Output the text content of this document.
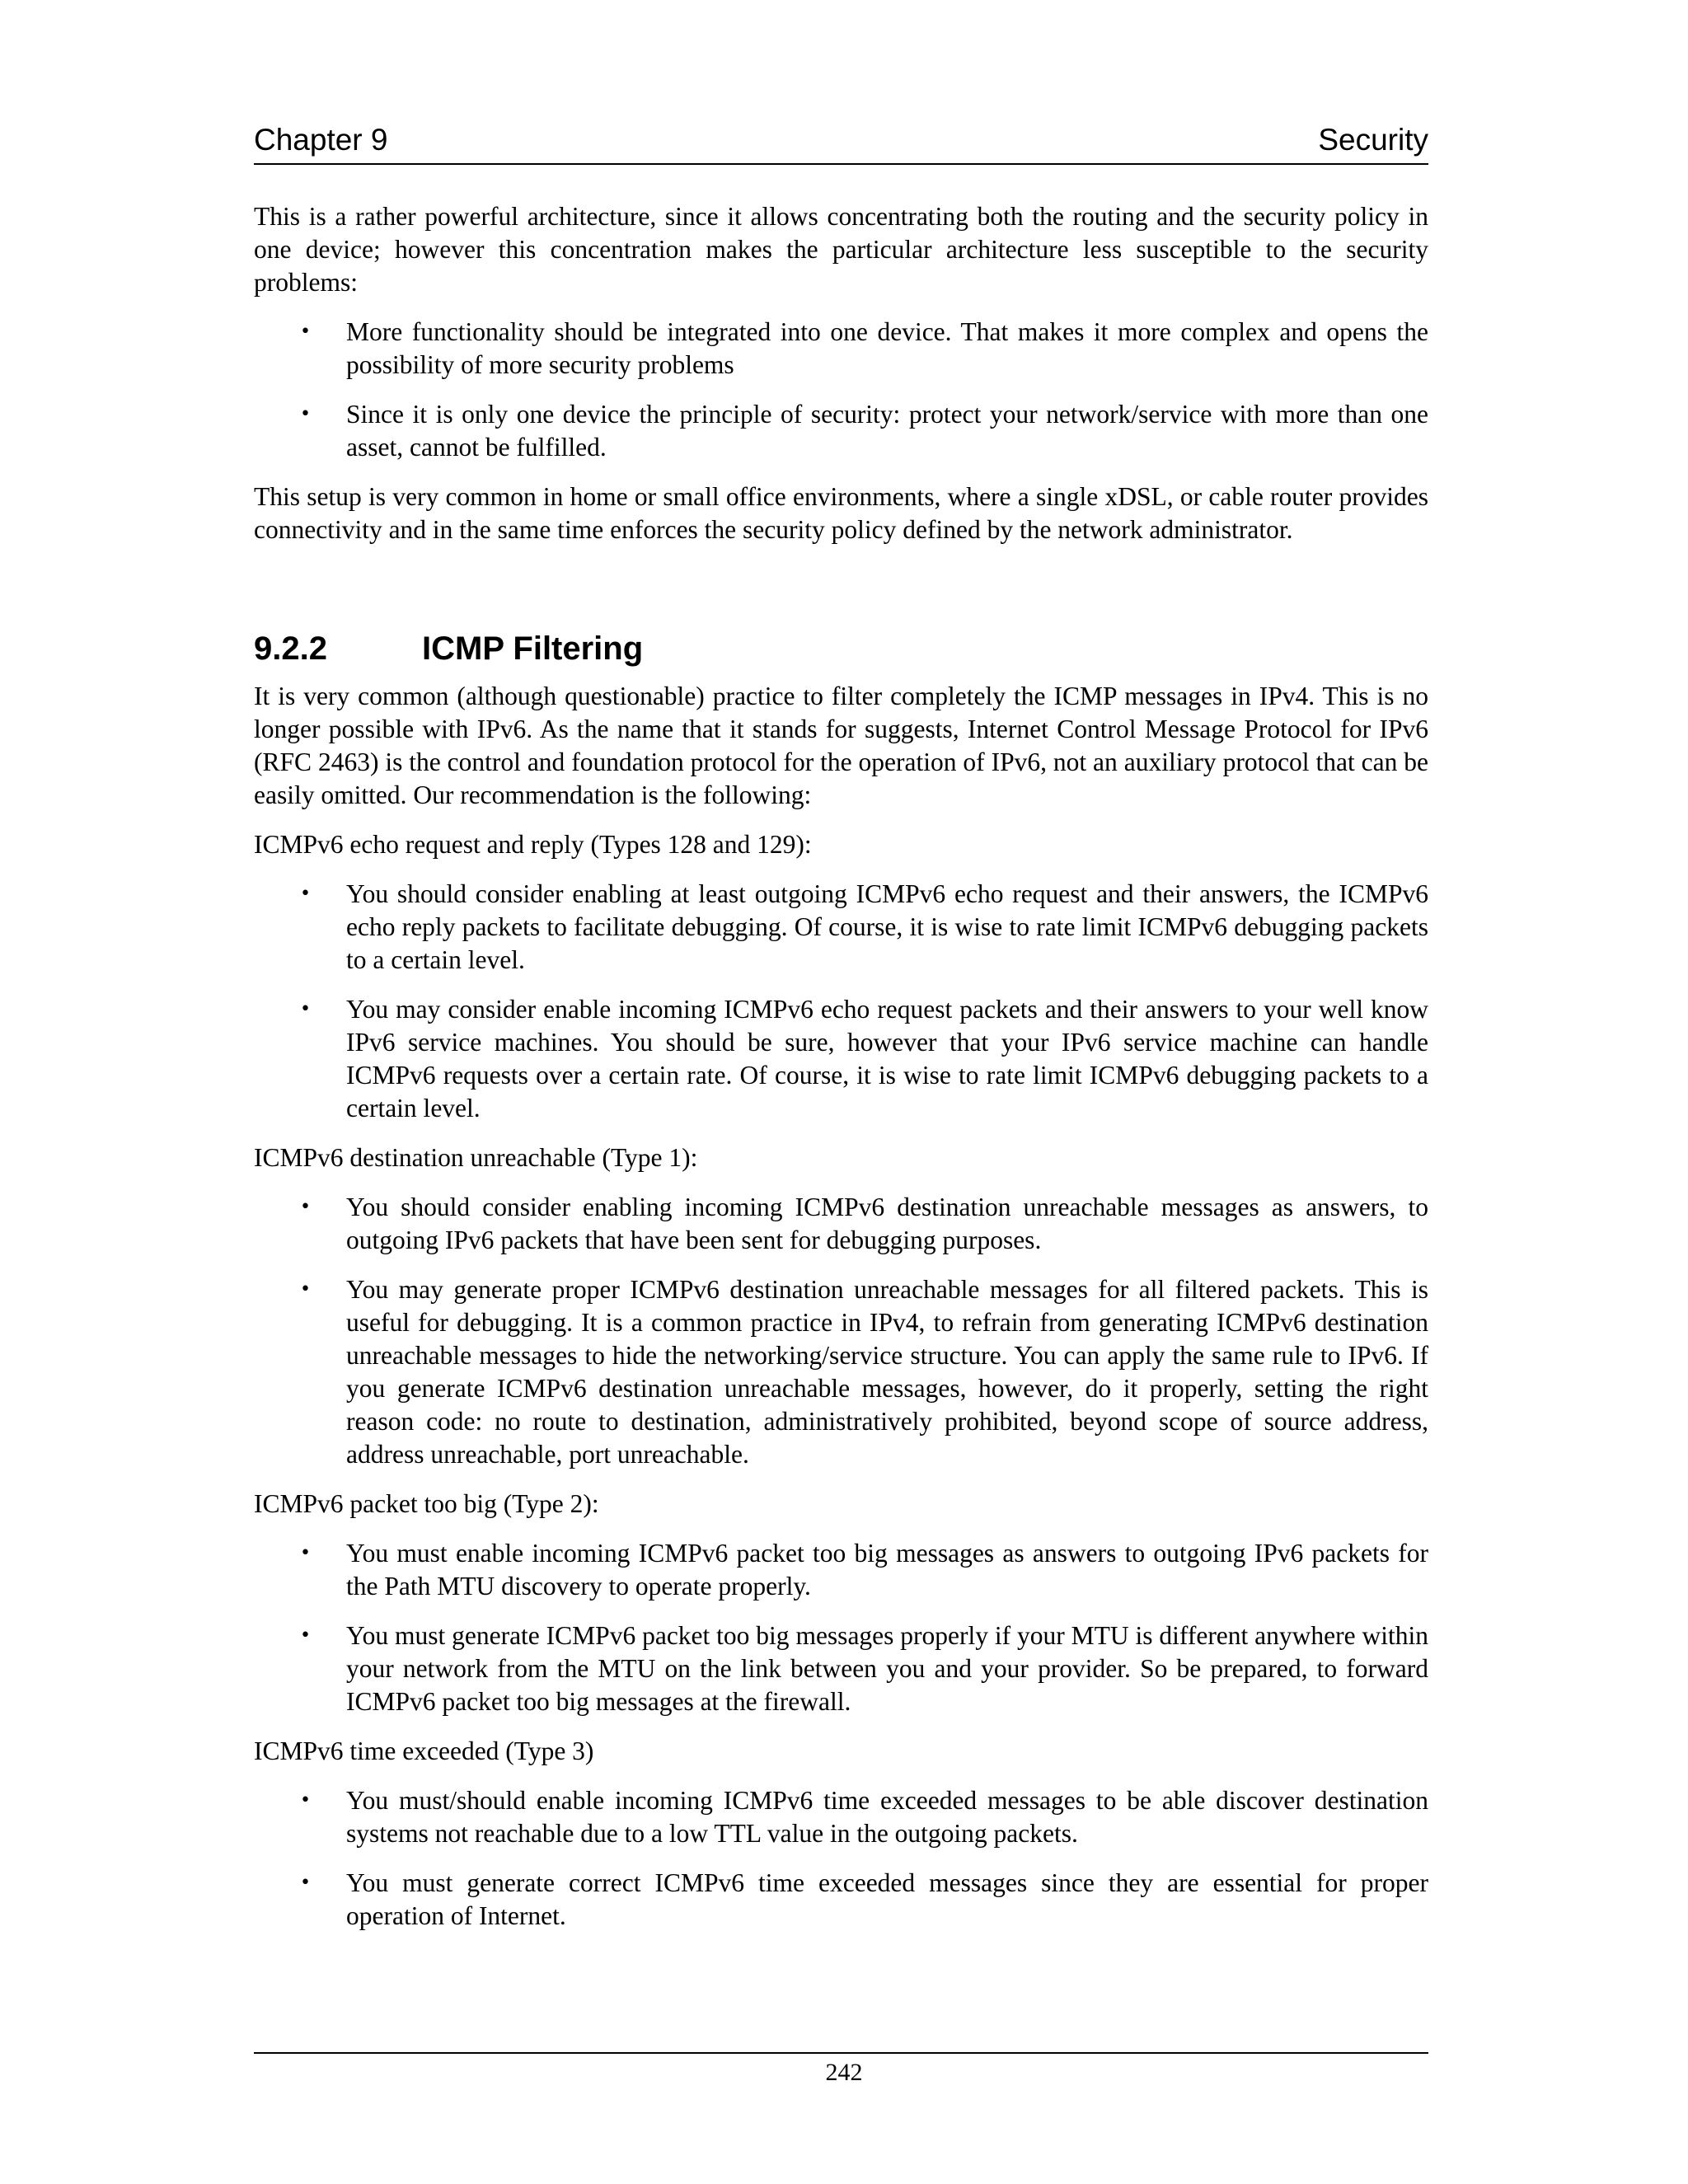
Chapter 9	Security

This is a rather powerful architecture, since it allows concentrating both the routing and the security policy in one device; however this concentration makes the particular architecture less susceptible to the security problems:

• More functionality should be integrated into one device. That makes it more complex and opens the possibility of more security problems
• Since it is only one device the principle of security: protect your network/service with more than one asset, cannot be fulfilled.

This setup is very common in home or small office environments, where a single xDSL, or cable router provides connectivity and in the same time enforces the security policy defined by the network administrator.

9.2.2	ICMP Filtering

It is very common (although questionable) practice to filter completely the ICMP messages in IPv4. This is no longer possible with IPv6. As the name that it stands for suggests, Internet Control Message Protocol for IPv6 (RFC 2463) is the control and foundation protocol for the operation of IPv6, not an auxiliary protocol that can be easily omitted. Our recommendation is the following:

ICMPv6 echo request and reply (Types 128 and 129):

• You should consider enabling at least outgoing ICMPv6 echo request and their answers, the ICMPv6 echo reply packets to facilitate debugging. Of course, it is wise to rate limit ICMPv6 debugging packets to a certain level.
• You may consider enable incoming ICMPv6 echo request packets and their answers to your well know IPv6 service machines. You should be sure, however that your IPv6 service machine can handle ICMPv6 requests over a certain rate. Of course, it is wise to rate limit ICMPv6 debugging packets to a certain level.

ICMPv6 destination unreachable (Type 1):

• You should consider enabling incoming ICMPv6 destination unreachable messages as answers, to outgoing IPv6 packets that have been sent for debugging purposes.
• You may generate proper ICMPv6 destination unreachable messages for all filtered packets. This is useful for debugging. It is a common practice in IPv4, to refrain from generating ICMPv6 destination unreachable messages to hide the networking/service structure. You can apply the same rule to IPv6. If you generate ICMPv6 destination unreachable messages, however, do it properly, setting the right reason code: no route to destination, administratively prohibited, beyond scope of source address, address unreachable, port unreachable.

ICMPv6 packet too big (Type 2):

• You must enable incoming ICMPv6 packet too big messages as answers to outgoing IPv6 packets for the Path MTU discovery to operate properly.
• You must generate ICMPv6 packet too big messages properly if your MTU is different anywhere within your network from the MTU on the link between you and your provider. So be prepared, to forward ICMPv6 packet too big messages at the firewall.

ICMPv6 time exceeded (Type 3)

• You must/should enable incoming ICMPv6 time exceeded messages to be able discover destination systems not reachable due to a low TTL value in the outgoing packets.
• You must generate correct ICMPv6 time exceeded messages since they are essential for proper operation of Internet.
242
